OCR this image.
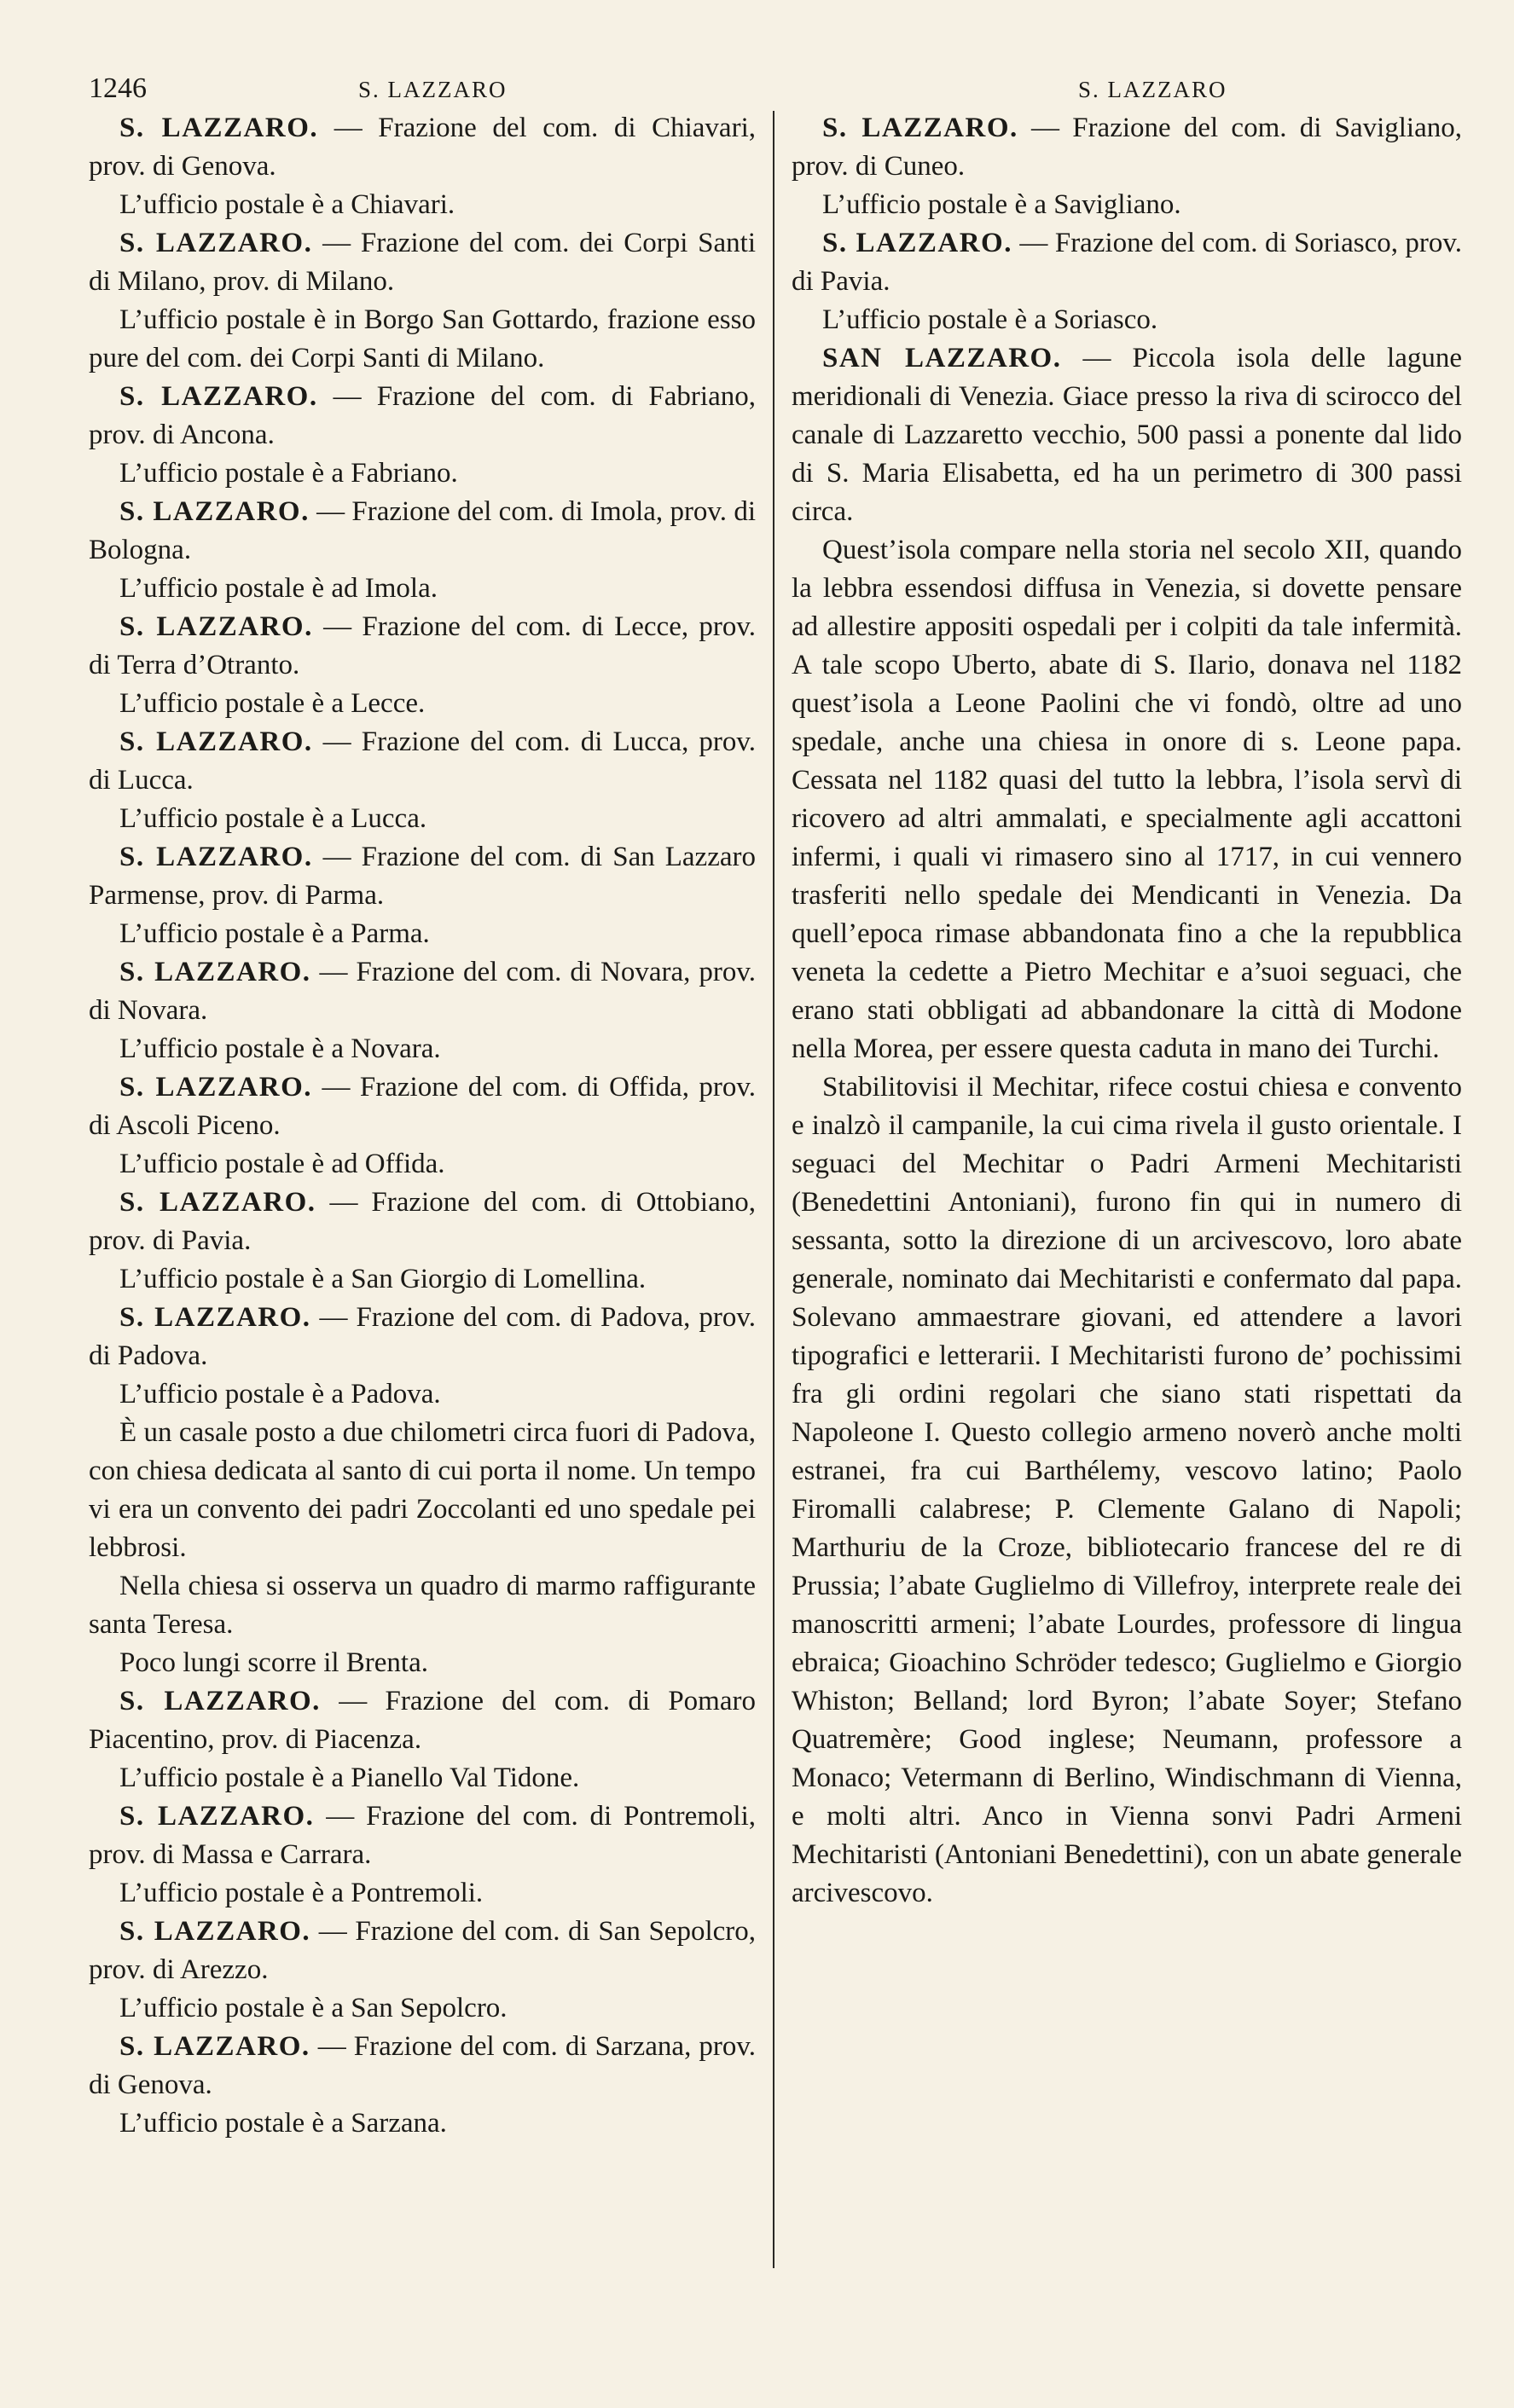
1246	S. LAZZARO	S. LAZZARO

S. LAZZARO. — Frazione del com. di Chiavari, prov. di Genova.

L’ufficio postale è a Chiavari.

S. LAZZARO. — Frazione del com. dei Corpi Santi di Milano, prov. di Milano.

L’ufficio postale è in Borgo San Gottardo, frazione esso pure del com. dei Corpi Santi di Milano.

S. LAZZARO. — Frazione del com. di Fabriano, prov. di Ancona.

L’ufficio postale è a Fabriano.

S. LAZZARO. — Frazione del com. di Imola, prov. di Bologna.

L’ufficio postale è ad Imola.

S. LAZZARO. — Frazione del com. di Lecce, prov. di Terra d’Otranto.

L’ufficio postale è a Lecce.

S. LAZZARO. — Frazione del com. di Lucca, prov. di Lucca.

L’ufficio postale è a Lucca.

S. LAZZARO. — Frazione del com. di San Lazzaro Parmense, prov. di Parma.

L’ufficio postale è a Parma.

S. LAZZARO. — Frazione del com. di Novara, prov. di Novara.

L’ufficio postale è a Novara.

S. LAZZARO. — Frazione del com. di Offida, prov. di Ascoli Piceno.

L’ufficio postale è ad Offida.

S. LAZZARO. — Frazione del com. di Ottobiano, prov. di Pavia.

L’ufficio postale è a San Giorgio di Lomellina.

S. LAZZARO. — Frazione del com. di Padova, prov. di Padova.

L’ufficio postale è a Padova.

È un casale posto a due chilometri circa fuori di Padova, con chiesa dedicata al santo di cui porta il nome. Un tempo vi era un convento dei padri Zoccolanti ed uno spedale pei lebbrosi.

Nella chiesa si osserva un quadro di marmo raffigurante santa Teresa.

Poco lungi scorre il Brenta.

S. LAZZARO. — Frazione del com. di Pomaro Piacentino, prov. di Piacenza.

L’ufficio postale è a Pianello Val Tidone.

S. LAZZARO. — Frazione del com. di Pontremoli, prov. di Massa e Carrara.

L’ufficio postale è a Pontremoli.

S. LAZZARO. — Frazione del com. di San Sepolcro, prov. di Arezzo.

L’ufficio postale è a San Sepolcro.

S. LAZZARO. — Frazione del com. di Sarzana, prov. di Genova.

L’ufficio postale è a Sarzana.

S. LAZZARO. — Frazione del com. di Savigliano, prov. di Cuneo.

L’ufficio postale è a Savigliano.

S. LAZZARO. — Frazione del com. di Soriasco, prov. di Pavia.

L’ufficio postale è a Soriasco.

SAN LAZZARO. — Piccola isola delle lagune meridionali di Venezia. Giace presso la riva di scirocco del canale di Lazzaretto vecchio, 500 passi a ponente dal lido di S. Maria Elisabetta, ed ha un perimetro di 300 passi circa.

Quest’isola compare nella storia nel secolo XII, quando la lebbra essendosi diffusa in Venezia, si dovette pensare ad allestire appositi ospedali per i colpiti da tale infermità. A tale scopo Uberto, abate di S. Ilario, donava nel 1182 quest’isola a Leone Paolini che vi fondò, oltre ad uno spedale, anche una chiesa in onore di s. Leone papa. Cessata nel 1182 quasi del tutto la lebbra, l’isola servì di ricovero ad altri ammalati, e specialmente agli accattoni infermi, i quali vi rimasero sino al 1717, in cui vennero trasferiti nello spedale dei Mendicanti in Venezia. Da quell’epoca rimase abbandonata fino a che la repubblica veneta la cedette a Pietro Mechitar e a’suoi seguaci, che erano stati obbligati ad abbandonare la città di Modone nella Morea, per essere questa caduta in mano dei Turchi.

Stabilitovisi il Mechitar, rifece costui chiesa e convento e inalzò il campanile, la cui cima rivela il gusto orientale. I seguaci del Mechitar o Padri Armeni Mechitaristi (Benedettini Antoniani), furono fin qui in numero di sessanta, sotto la direzione di un arcivescovo, loro abate generale, nominato dai Mechitaristi e confermato dal papa. Solevano ammaestrare giovani, ed attendere a lavori tipografici e letterarii. I Mechitaristi furono de’ pochissimi fra gli ordini regolari che siano stati rispettati da Napoleone I. Questo collegio armeno noverò anche molti estranei, fra cui Barthélemy, vescovo latino; Paolo Firomalli calabrese; P. Clemente Galano di Napoli; Marthuriu de la Croze, bibliotecario francese del re di Prussia; l’abate Guglielmo di Villefroy, interprete reale dei manoscritti armeni; l’abate Lourdes, professore di lingua ebraica; Gioachino Schröder tedesco; Guglielmo e Giorgio Whiston; Belland; lord Byron; l’abate Soyer; Stefano Quatremère; Good inglese; Neumann, professore a Monaco; Vetermann di Berlino, Windischmann di Vienna, e molti altri. Anco in Vienna sonvi Padri Armeni Mechitaristi (Antoniani Benedettini), con un abate generale arcivescovo.
